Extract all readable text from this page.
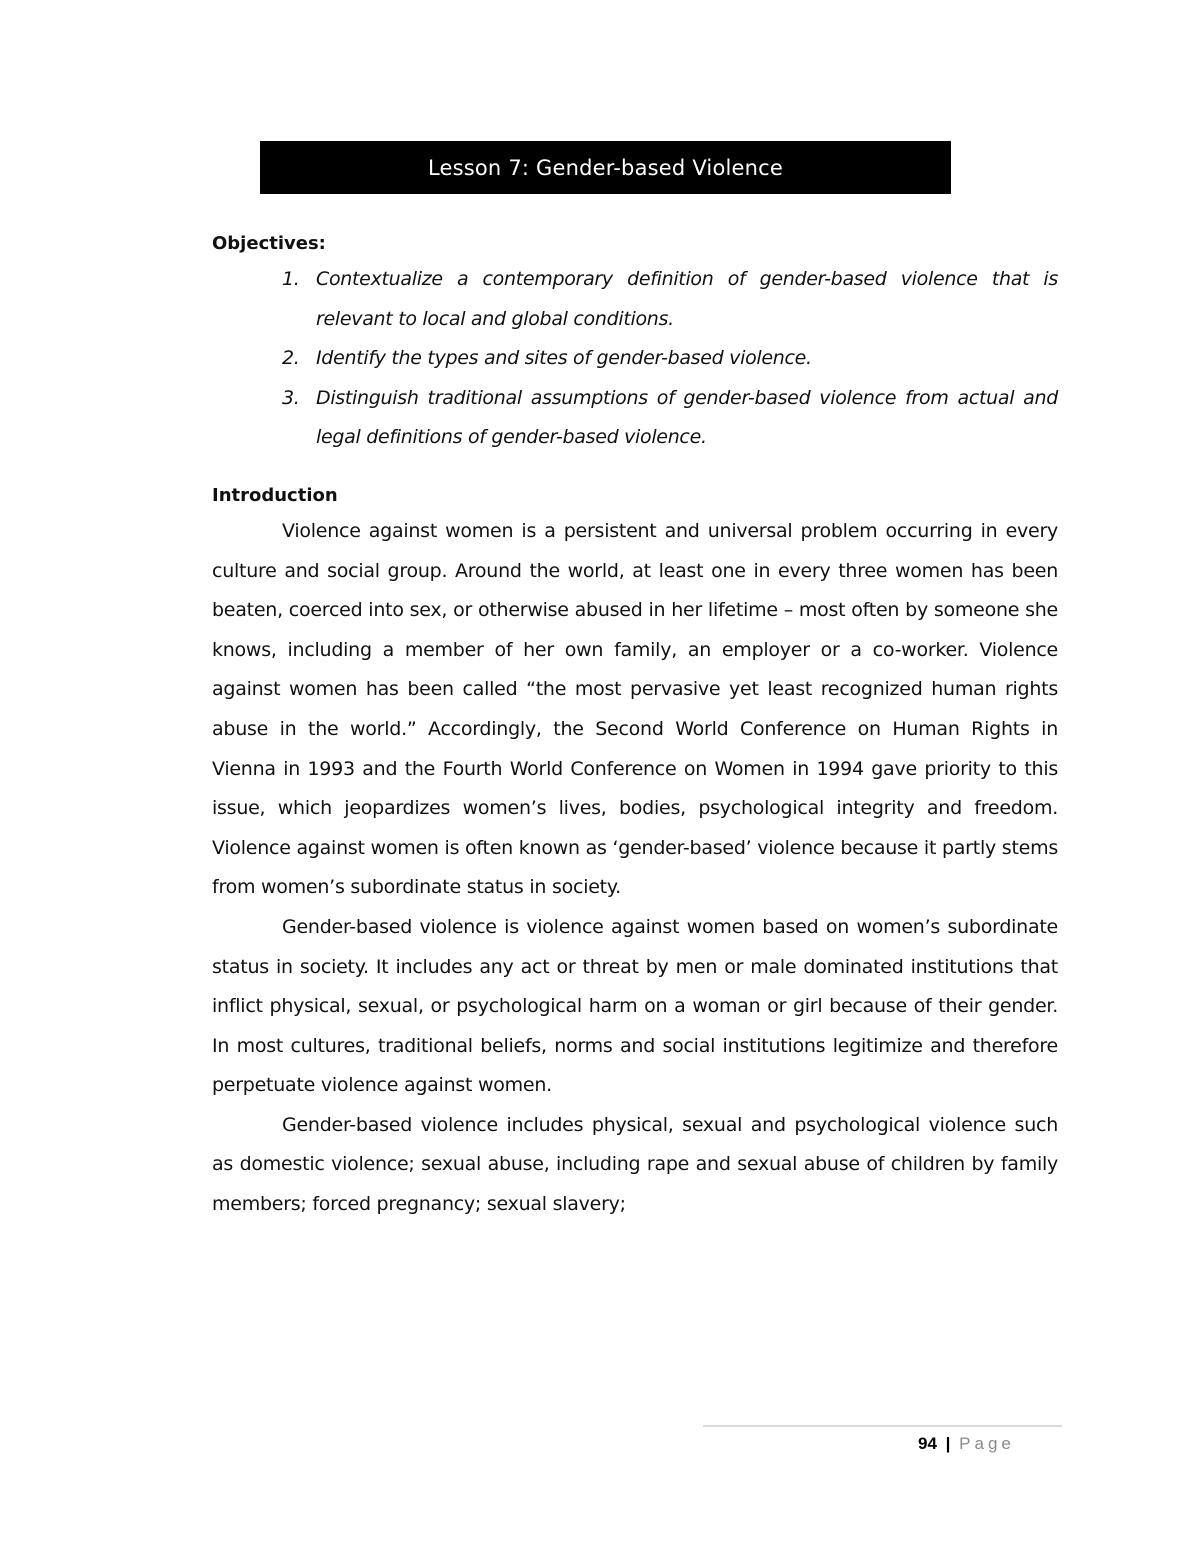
Lesson 7: Gender-based Violence
Objectives:
1. Contextualize a contemporary definition of gender-based violence that is relevant to local and global conditions.
2. Identify the types and sites of gender-based violence.
3. Distinguish traditional assumptions of gender-based violence from actual and legal definitions of gender-based violence.
Introduction

Violence against women is a persistent and universal problem occurring in every culture and social group. Around the world, at least one in every three women has been beaten, coerced into sex, or otherwise abused in her lifetime – most often by someone she knows, including a member of her own family, an employer or a co-worker. Violence against women has been called “the most pervasive yet least recognized human rights abuse in the world.” Accordingly, the Second World Conference on Human Rights in Vienna in 1993 and the Fourth World Conference on Women in 1994 gave priority to this issue, which jeopardizes women’s lives, bodies, psychological integrity and freedom. Violence against women is often known as ‘gender-based’ violence because it partly stems from women’s subordinate status in society.

Gender-based violence is violence against women based on women’s subordinate status in society. It includes any act or threat by men or male dominated institutions that inflict physical, sexual, or psychological harm on a woman or girl because of their gender. In most cultures, traditional beliefs, norms and social institutions legitimize and therefore perpetuate violence against women.

Gender-based violence includes physical, sexual and psychological violence such as domestic violence; sexual abuse, including rape and sexual abuse of children by family members; forced pregnancy; sexual slavery;

94 | Page
